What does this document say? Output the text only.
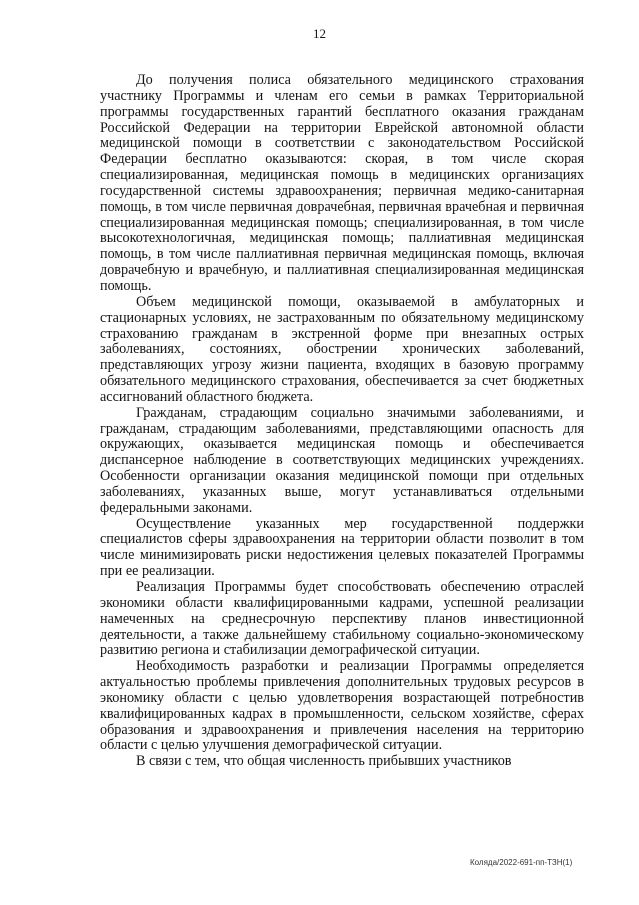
12

До получения полиса обязательного медицинского страхования участнику Программы и членам его семьи в рамках Территориальной программы государственных гарантий бесплатного оказания гражданам Российской Федерации на территории Еврейской автономной области медицинской помощи в соответствии с законодательством Российской Федерации бесплатно оказываются: скорая, в том числе скорая специализированная, медицинская помощь в медицинских организациях государственной системы здравоохранения; первичная медико-санитарная помощь, в том числе первичная доврачебная, первичная врачебная и первичная специализированная медицинская помощь; специализированная, в том числе высокотехнологичная, медицинская помощь; паллиативная медицинская помощь, в том числе паллиативная первичная медицинская помощь, включая доврачебную и врачебную, и паллиативная специализированная медицинская помощь.

Объем медицинской помощи, оказываемой в амбулаторных и стационарных условиях, не застрахованным по обязательному медицинскому страхованию гражданам в экстренной форме при внезапных острых заболеваниях, состояниях, обострении хронических заболеваний, представляющих угрозу жизни пациента, входящих в базовую программу обязательного медицинского страхования, обеспечивается за счет бюджетных ассигнований областного бюджета.

Гражданам, страдающим социально значимыми заболеваниями, и гражданам, страдающим заболеваниями, представляющими опасность для окружающих, оказывается медицинская помощь и обеспечивается диспансерное наблюдение в соответствующих медицинских учреждениях. Особенности организации оказания медицинской помощи при отдельных заболеваниях, указанных выше, могут устанавливаться отдельными федеральными законами.

Осуществление указанных мер государственной поддержки специалистов сферы здравоохранения на территории области позволит в том числе минимизировать риски недостижения целевых показателей Программы при ее реализации.

Реализация Программы будет способствовать обеспечению отраслей экономики области квалифицированными кадрами, успешной реализации намеченных на среднесрочную перспективу планов инвестиционной деятельности, а также дальнейшему стабильному социально-экономическому развитию региона и стабилизации демографической ситуации.

Необходимость разработки и реализации Программы определяется актуальностью проблемы привлечения дополнительных трудовых ресурсов в экономику области с целью удовлетворения возрастающей потребностив квалифицированных кадрах в промышленности, сельском хозяйстве, сферах образования и здравоохранения и привлечения населения на территорию области с целью улучшения демографической ситуации.

В связи с тем, что общая численность прибывших участников

Коляда/2022-691-пп-ТЗН(1)
